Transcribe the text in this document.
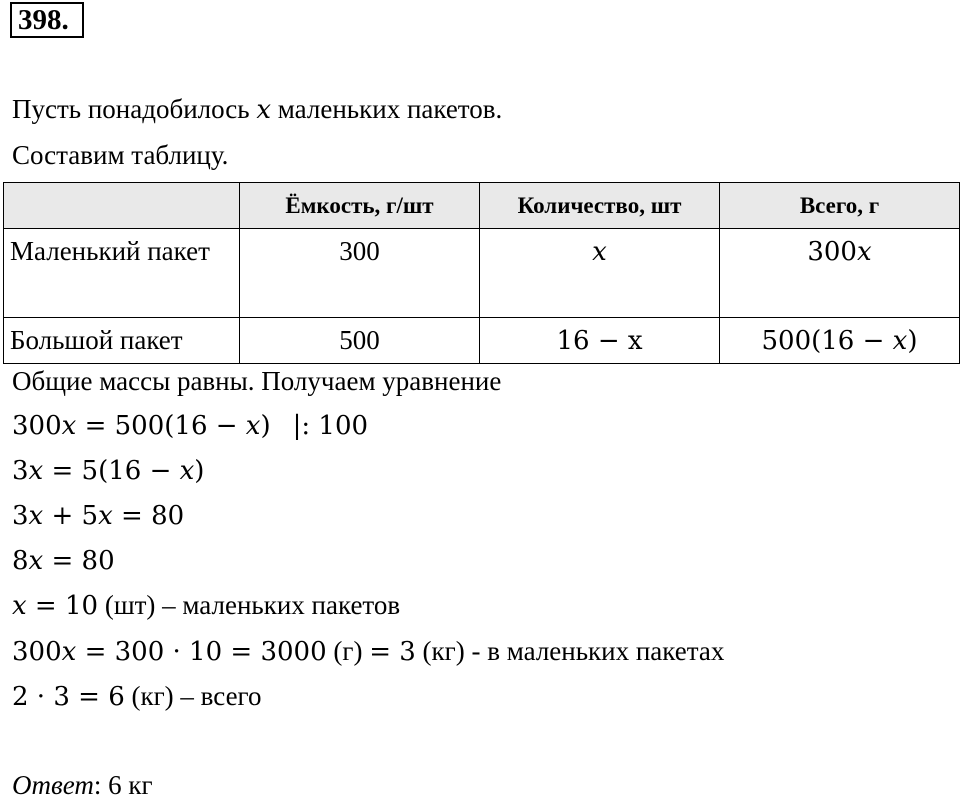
398.
Пусть понадобилось x маленьких пакетов.
Составим таблицу.
	Ёмкость, г/шт	Количество, шт	Всего, г
Маленький пакет	300	x	300x
Большой пакет	500	16 − x	500(16 − x)
Общие массы равны. Получаем уравнение
300x = 500(16 − x) |: 100
3x = 5(16 − x)
3x + 5x = 80
8x = 80
x = 10 (шт) – маленьких пакетов
300x = 300 · 10 = 3000 (г) = 3 (кг) - в маленьких пакетах
2 · 3 = 6 (кг) – всего
Ответ: 6 кг
